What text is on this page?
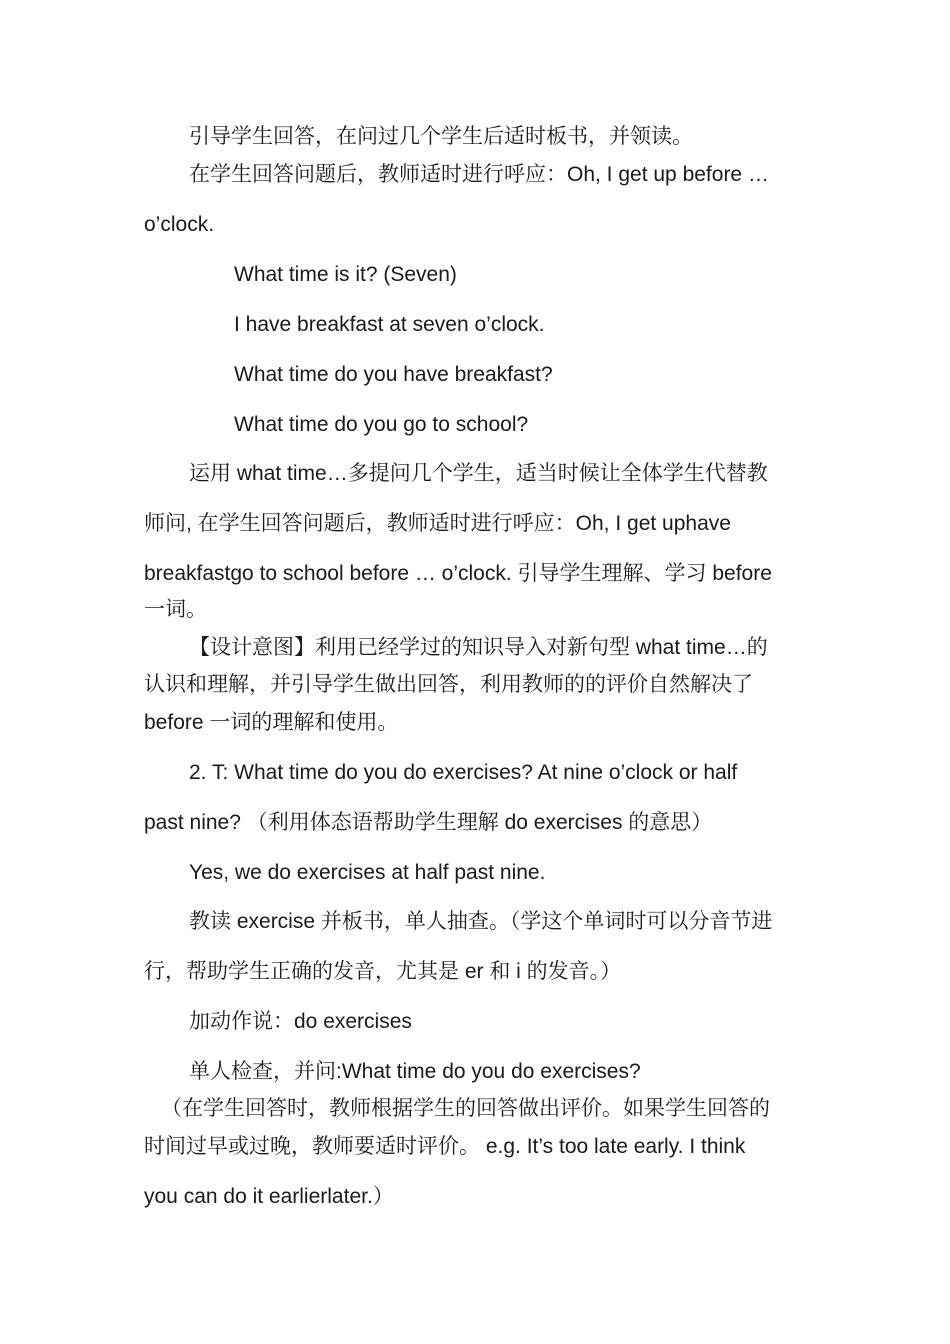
引导学生回答，在问过几个学生后适时板书，并领读。
在学生回答问题后，教师适时进行呼应：Oh, I get up before …
o’clock.
What time is it? (Seven)
I have breakfast at seven o’clock.
What time do you have breakfast?
What time do you go to school?
运用 what time…多提问几个学生，适当时候让全体学生代替教
师问, 在学生回答问题后，教师适时进行呼应：Oh, I get uphave
breakfastgo to school before … o’clock. 引导学生理解、学习 before
一词。
【设计意图】利用已经学过的知识导入对新句型 what time…的
认识和理解，并引导学生做出回答，利用教师的的评价自然解决了
before 一词的理解和使用。
2. T: What time do you do exercises? At nine o’clock or half
past nine? （利用体态语帮助学生理解 do exercises 的意思）
Yes, we do exercises at half past nine.
教读 exercise 并板书，单人抽查。（学这个单词时可以分音节进
行，帮助学生正确的发音，尤其是 er 和 i 的发音。）
加动作说：do exercises
单人检查，并问:What time do you do exercises?
（在学生回答时，教师根据学生的回答做出评价。如果学生回答的
时间过早或过晚，教师要适时评价。 e.g. It’s too late early. I think
you can do it earlierlater.）
